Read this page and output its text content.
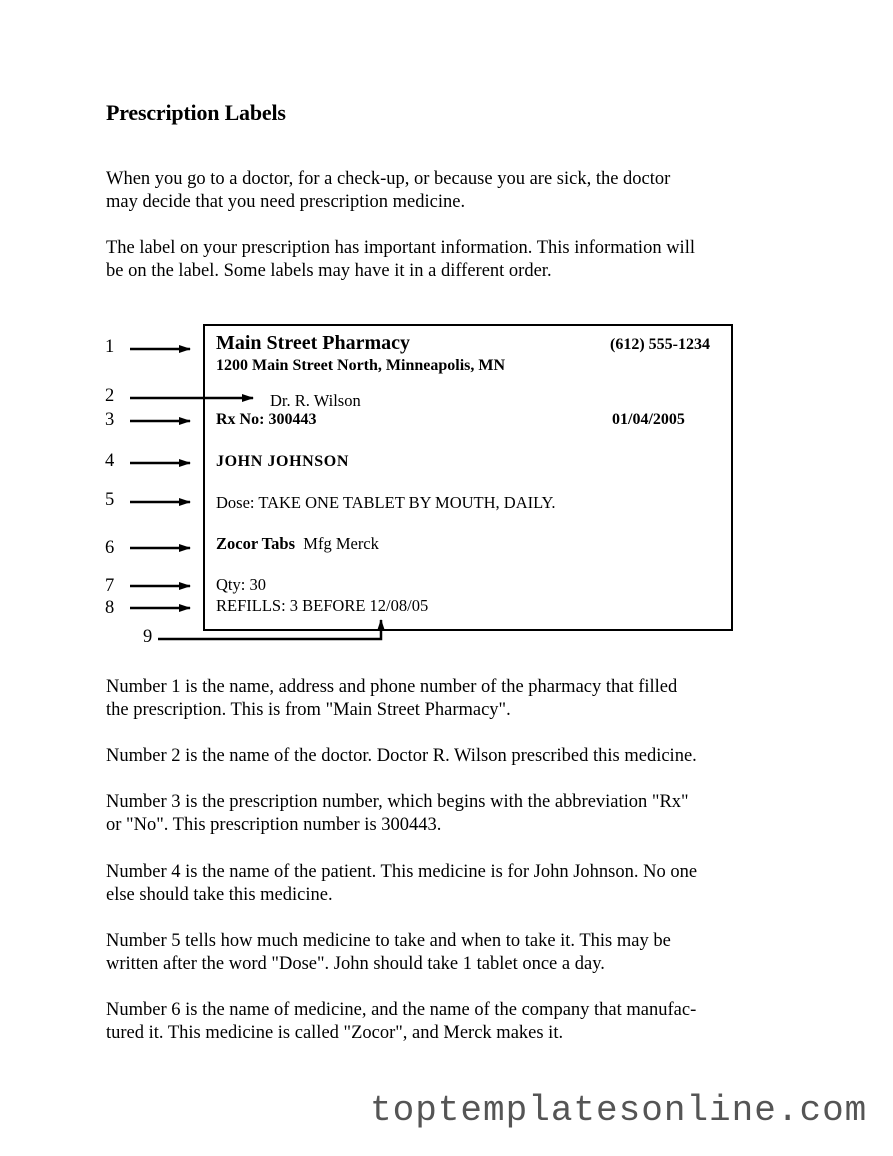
Prescription Labels
When you go to a doctor, for a check-up, or because you are sick, the doctor
may decide that you need prescription medicine.
The label on your prescription has important information. This information will
be on the label. Some labels may have it in a different order.
Main Street Pharmacy	(612) 555-1234
1200 Main Street North, Minneapolis, MN
Dr. R. Wilson
Rx No: 300443	01/04/2005
JOHN JOHNSON
Dose: TAKE ONE TABLET BY MOUTH, DAILY.
Zocor Tabs Mfg Merck
Qty: 30
REFILLS: 3 BEFORE 12/08/05
1
2
3
4
5
6
7
8
9
Number 1 is the name, address and phone number of the pharmacy that filled
the prescription. This is from "Main Street Pharmacy".
Number 2 is the name of the doctor. Doctor R. Wilson prescribed this medicine.
Number 3 is the prescription number, which begins with the abbreviation "Rx"
or "No". This prescription number is 300443.
Number 4 is the name of the patient. This medicine is for John Johnson. No one
else should take this medicine.
Number 5 tells how much medicine to take and when to take it. This may be
written after the word "Dose". John should take 1 tablet once a day.
Number 6 is the name of medicine, and the name of the company that manufac-
tured it. This medicine is called "Zocor", and Merck makes it.
toptemplatesonline.com
